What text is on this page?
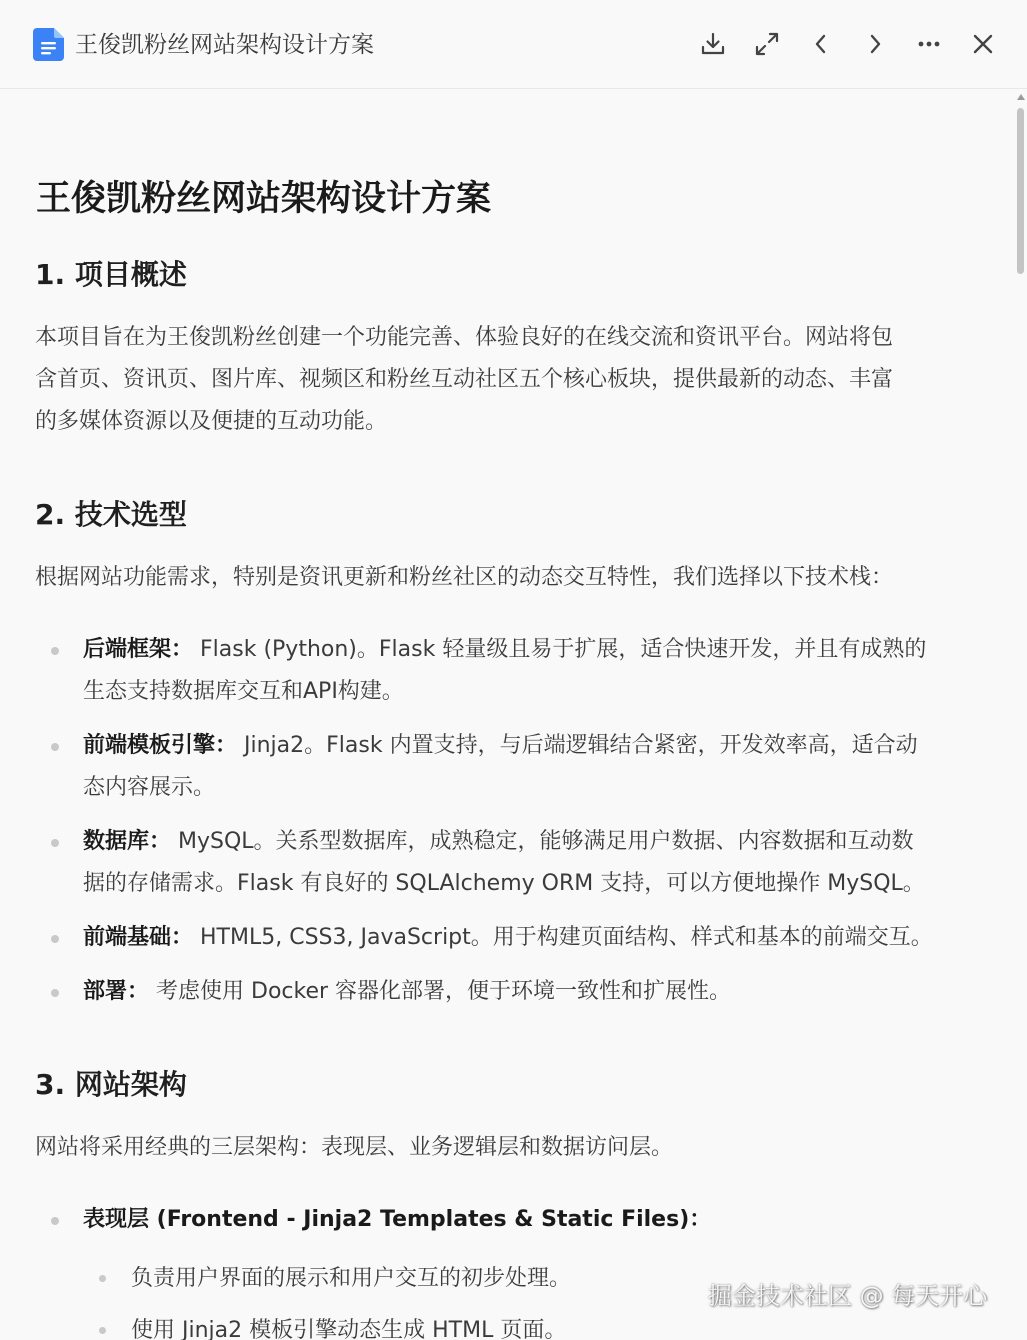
王俊凯粉丝网站架构设计方案
王俊凯粉丝网站架构设计方案
1. 项目概述
本项目旨在为王俊凯粉丝创建一个功能完善、体验良好的在线交流和资讯平台。网站将包
含首页、资讯页、图片库、视频区和粉丝互动社区五个核心板块，提供最新的动态、丰富
的多媒体资源以及便捷的互动功能。
2. 技术选型
根据网站功能需求，特别是资讯更新和粉丝社区的动态交互特性，我们选择以下技术栈：
后端框架： Flask (Python)。Flask 轻量级且易于扩展，适合快速开发，并且有成熟的
生态支持数据库交互和API构建。
前端模板引擎： Jinja2。Flask 内置支持，与后端逻辑结合紧密，开发效率高，适合动
态内容展示。
数据库： MySQL。关系型数据库，成熟稳定，能够满足用户数据、内容数据和互动数
据的存储需求。Flask 有良好的 SQLAlchemy ORM 支持，可以方便地操作 MySQL。
前端基础： HTML5, CSS3, JavaScript。用于构建页面结构、样式和基本的前端交互。
部署： 考虑使用 Docker 容器化部署，便于环境一致性和扩展性。
3. 网站架构
网站将采用经典的三层架构：表现层、业务逻辑层和数据访问层。
表现层 (Frontend - Jinja2 Templates & Static Files)：
负责用户界面的展示和用户交互的初步处理。
使用 Jinja2 模板引擎动态生成 HTML 页面。
掘金技术社区 @ 每天开心
